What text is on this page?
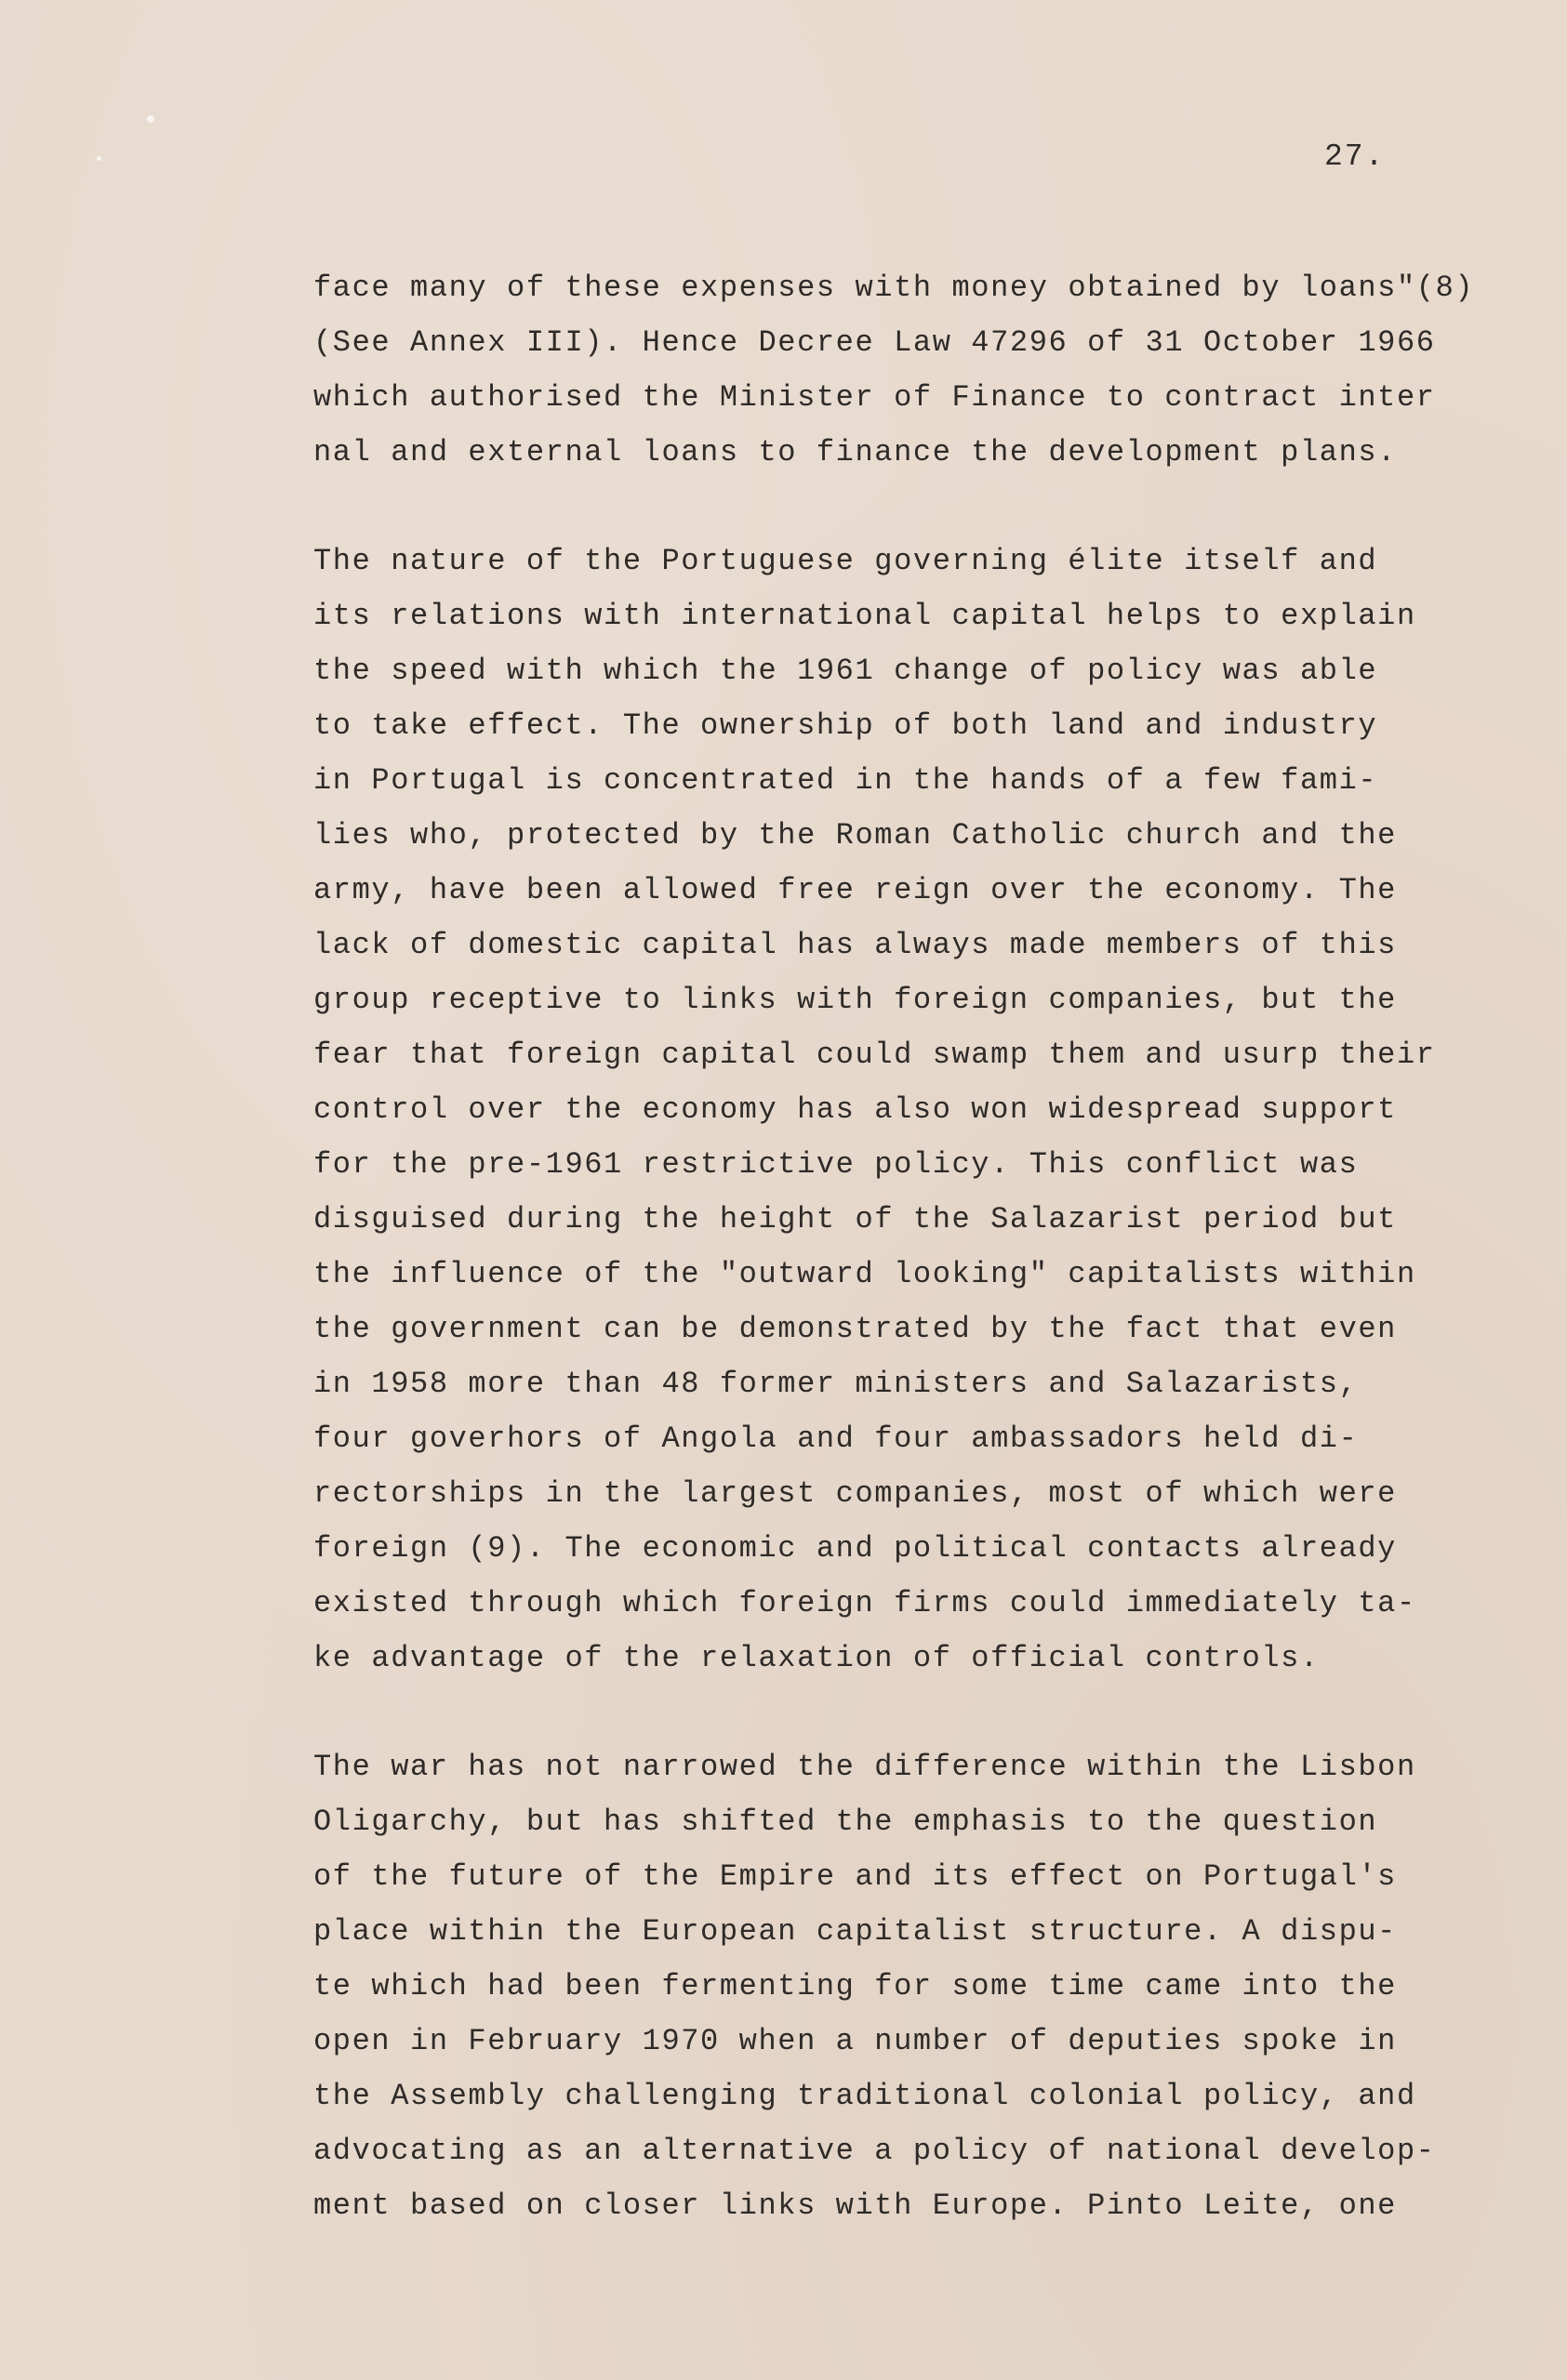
27.
face many of these expenses with money obtained by loans"(8)
(See Annex III). Hence Decree Law 47296 of 31 October 1966
which authorised the Minister of Finance to contract inter
nal and external loans to finance the development plans.
The nature of the Portuguese governing élite itself and
its relations with international capital helps to explain
the speed with which the 1961 change of policy was able
to take effect. The ownership of both land and industry
in Portugal is concentrated in the hands of a few fami-
lies who, protected by the Roman Catholic church and the
army, have been allowed free reign over the economy. The
lack of domestic capital has always made members of this
group receptive to links with foreign companies, but the
fear that foreign capital could swamp them and usurp their
control over the economy has also won widespread support
for the pre-1961 restrictive policy. This conflict was
disguised during the height of the Salazarist period but
the influence of the "outward looking" capitalists within
the government can be demonstrated by the fact that even
in 1958 more than 48 former ministers and Salazarists,
four goverhors of Angola and four ambassadors held di-
rectorships in the largest companies, most of which were
foreign (9). The economic and political contacts already
existed through which foreign firms could immediately ta-
ke advantage of the relaxation of official controls.
The war has not narrowed the difference within the Lisbon
Oligarchy, but has shifted the emphasis to the question
of the future of the Empire and its effect on Portugal's
place within the European capitalist structure. A dispu-
te which had been fermenting for some time came into the
open in February 1970 when a number of deputies spoke in
the Assembly challenging traditional colonial policy, and
advocating as an alternative a policy of national develop-
ment based on closer links with Europe. Pinto Leite, one
